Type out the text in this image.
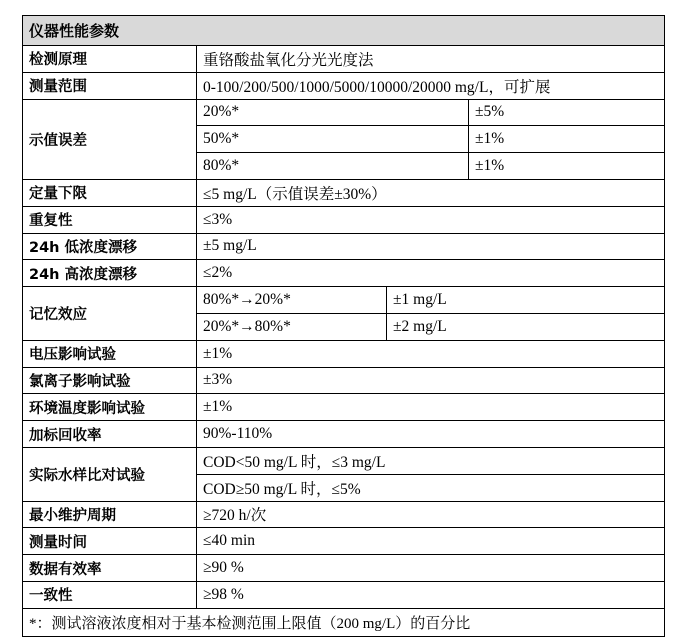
仪器性能参数			
检测原理	重铬酸盐氧化分光光度法		
测量范围	0-100/200/500/1000/5000/10000/20000 mg/L，可扩展		
示值误差	20%*		±5%
	50%*		±1%
	80%*		±1%
定量下限	≤5 mg/L（示值误差±30%）		
重复性	≤3%		
24h 低浓度漂移	±5 mg/L		
24h 高浓度漂移	≤2%		
记忆效应	80%*→20%*	±1 mg/L	
	20%*→80%*	±2 mg/L	
电压影响试验	±1%		
氯离子影响试验	±3%		
环境温度影响试验	±1%		
加标回收率	90%-110%		
实际水样比对试验	COD<50 mg/L 时，≤3 mg/L		
	COD≥50 mg/L 时，≤5%		
最小维护周期	≥720 h/次		
测量时间	≤40 min		
数据有效率	≥90 %		
一致性	≥98 %		
*：测试溶液浓度相对于基本检测范围上限值（200 mg/L）的百分比			
